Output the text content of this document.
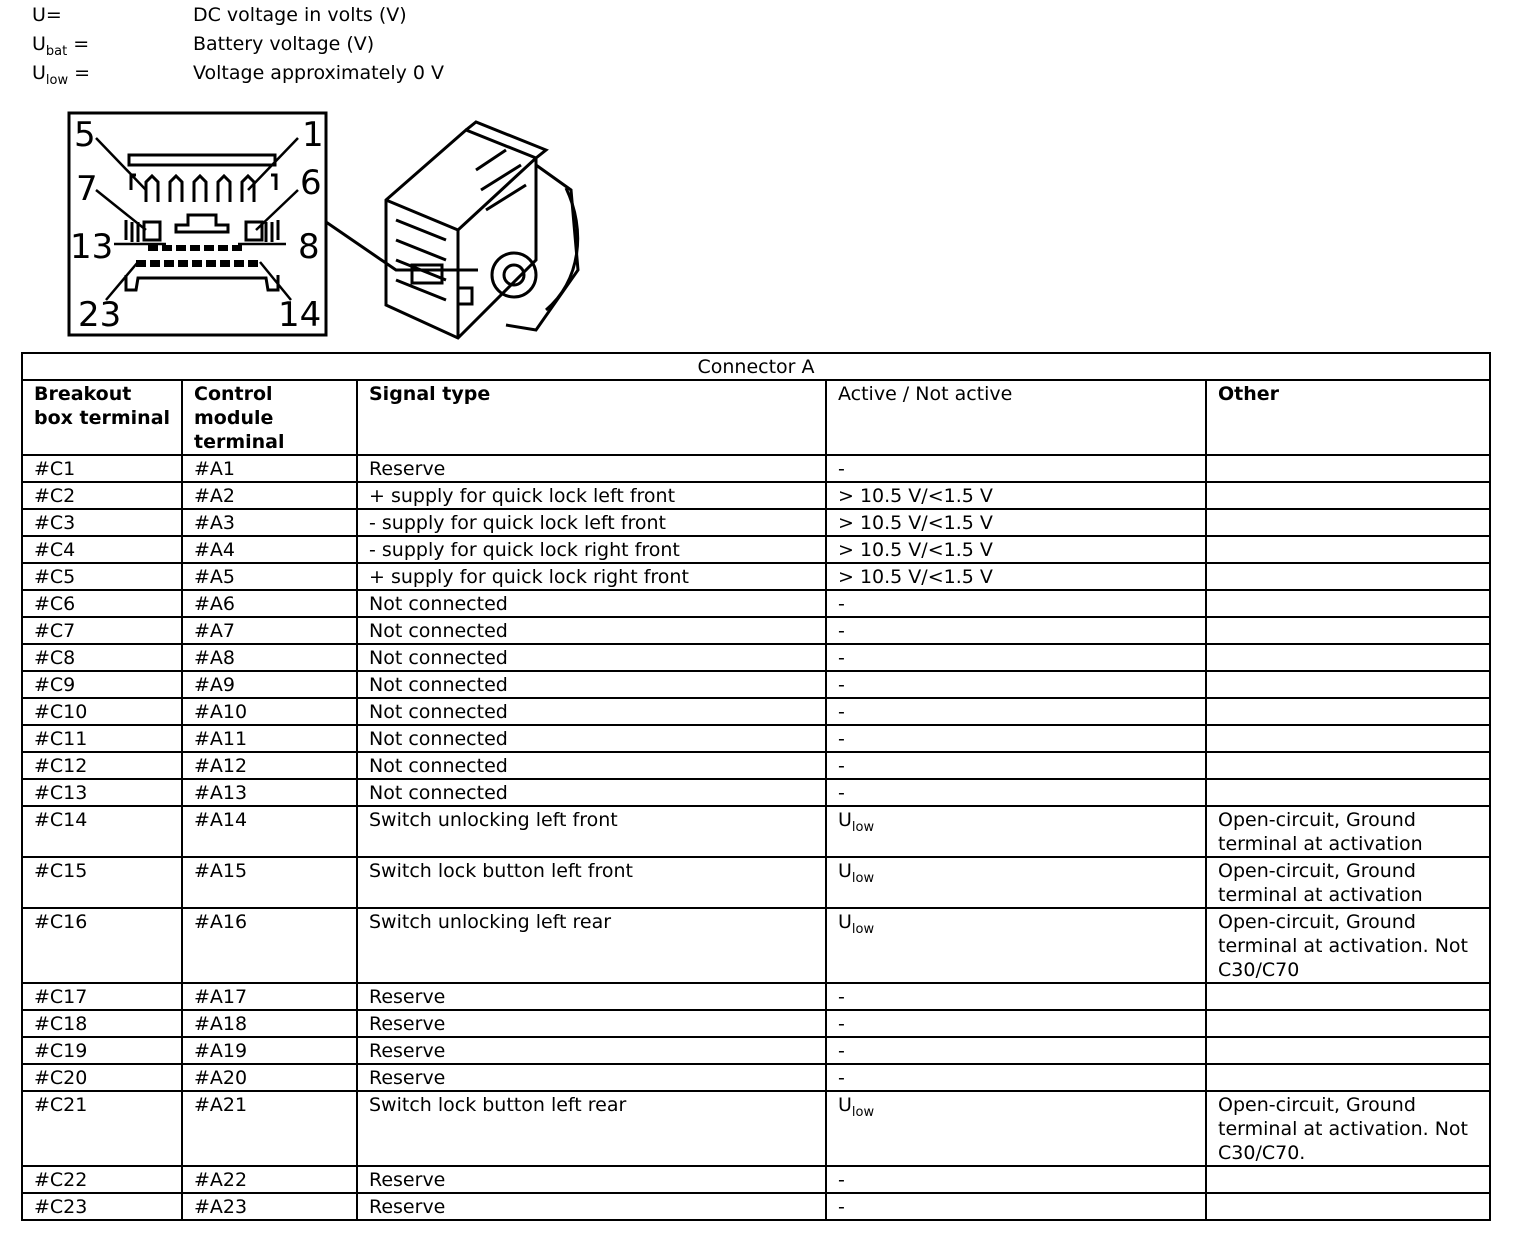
U=	DC voltage in volts (V)
$U_{bat}$ =	Battery voltage (V)
$U_{low}$ =	Voltage approximately 0 V
5	1
7	6
13	8
23	14
Connector A				
Breakout box terminal	Control module terminal	Signal type	Active / Not active	Other
#C1	#A1	Reserve	-	
#C2	#A2	+ supply for quick lock left front	> 10.5 V/<1.5 V	
#C3	#A3	- supply for quick lock left front	> 10.5 V/<1.5 V	
#C4	#A4	- supply for quick lock right front	> 10.5 V/<1.5 V	
#C5	#A5	+ supply for quick lock right front	> 10.5 V/<1.5 V	
#C6	#A6	Not connected	-	
#C7	#A7	Not connected	-	
#C8	#A8	Not connected	-	
#C9	#A9	Not connected	-	
#C10	#A10	Not connected	-	
#C11	#A11	Not connected	-	
#C12	#A12	Not connected	-	
#C13	#A13	Not connected	-	
#C14	#A14	Switch unlocking left front	$U_{low}$	Open-circuit, Ground terminal at activation
#C15	#A15	Switch lock button left front	$U_{low}$	Open-circuit, Ground terminal at activation
#C16	#A16	Switch unlocking left rear	$U_{low}$	Open-circuit, Ground terminal at activation. Not C30/C70
#C17	#A17	Reserve	-	
#C18	#A18	Reserve	-	
#C19	#A19	Reserve	-	
#C20	#A20	Reserve	-	
#C21	#A21	Switch lock button left rear	$U_{low}$	Open-circuit, Ground terminal at activation. Not C30/C70.
#C22	#A22	Reserve	-	
#C23	#A23	Reserve	-	
